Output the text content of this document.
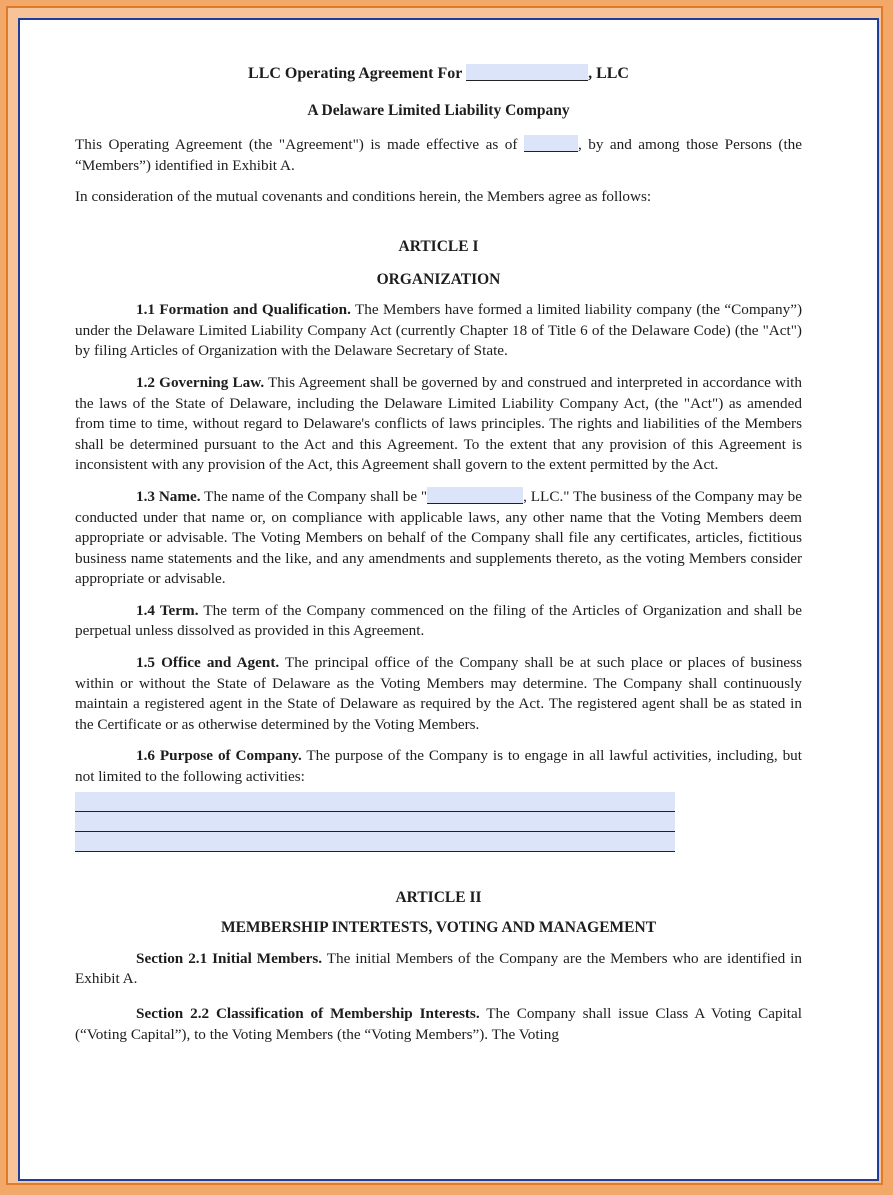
LLC Operating Agreement For	, LLC
A Delaware Limited Liability Company

This Operating Agreement (the "Agreement") is made effective as of	, by and among those Persons (the “Members”) identified in Exhibit A.

In consideration of the mutual covenants and conditions herein, the Members agree as follows:

ARTICLE I
ORGANIZATION

1.1 Formation and Qualification. The Members have formed a limited liability company (the “Company”) under the Delaware Limited Liability Company Act (currently Chapter 18 of Title 6 of the Delaware Code) (the "Act") by filing Articles of Organization with the Delaware Secretary of State.

1.2 Governing Law. This Agreement shall be governed by and construed and interpreted in accordance with the laws of the State of Delaware, including the Delaware Limited Liability Company Act, (the "Act") as amended from time to time, without regard to Delaware's conflicts of laws principles. The rights and liabilities of the Members shall be determined pursuant to the Act and this Agreement. To the extent that any provision of this Agreement is inconsistent with any provision of the Act, this Agreement shall govern to the extent permitted by the Act.

1.3 Name. The name of the Company shall be "	, LLC." The business of the Company may be conducted under that name or, on compliance with applicable laws, any other name that the Voting Members deem appropriate or advisable. The Voting Members on behalf of the Company shall file any certificates, articles, fictitious business name statements and the like, and any amendments and supplements thereto, as the voting Members consider appropriate or advisable.

1.4 Term. The term of the Company commenced on the filing of the Articles of Organization and shall be perpetual unless dissolved as provided in this Agreement.

1.5 Office and Agent. The principal office of the Company shall be at such place or places of business within or without the State of Delaware as the Voting Members may determine. The Company shall continuously maintain a registered agent in the State of Delaware as required by the Act. The registered agent shall be as stated in the Certificate or as otherwise determined by the Voting Members.

1.6 Purpose of Company. The purpose of the Company is to engage in all lawful activities, including, but not limited to the following activities:

ARTICLE II
MEMBERSHIP INTERTESTS, VOTING AND MANAGEMENT

Section 2.1 Initial Members. The initial Members of the Company are the Members who are identified in Exhibit A.

Section 2.2 Classification of Membership Interests. The Company shall issue Class A Voting Capital (“Voting Capital”), to the Voting Members (the “Voting Members”). The Voting
